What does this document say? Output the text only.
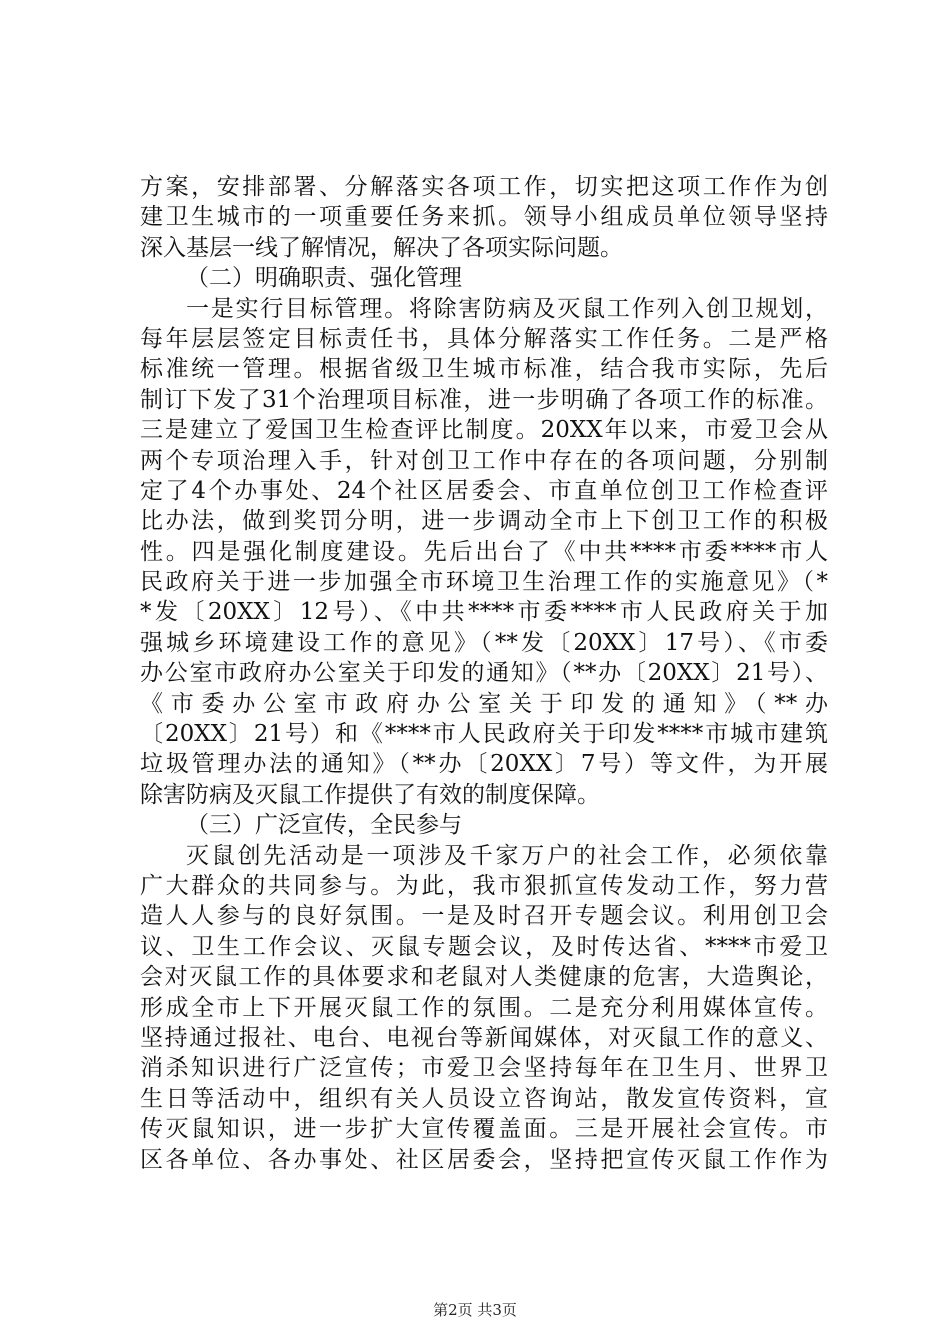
方案，安排部署、分解落实各项工作，切实把这项工作作为创
建卫生城市的一项重要任务来抓。领导小组成员单位领导坚持
深入基层一线了解情况，解决了各项实际问题。
（二）明确职责、强化管理
一是实行目标管理。将除害防病及灭鼠工作列入创卫规划，
每年层层签定目标责任书，具体分解落实工作任务。二是严格
标准统一管理。根据省级卫生城市标准，结合我市实际，先后
制订下发了31个治理项目标准，进一步明确了各项工作的标准。
三是建立了爱国卫生检查评比制度。20XX年以来，市爱卫会从
两个专项治理入手，针对创卫工作中存在的各项问题，分别制
定了4个办事处、24个社区居委会、市直单位创卫工作检查评
比办法，做到奖罚分明，进一步调动全市上下创卫工作的积极
性。四是强化制度建设。先后出台了《中共****市委****市人
民政府关于进一步加强全市环境卫生治理工作的实施意见》（*
*发〔20XX〕12号）、《中共****市委****市人民政府关于加
强城乡环境建设工作的意见》（**发〔20XX〕17号）、《市委
办公室市政府办公室关于印发的通知》（**办〔20XX〕21号）、
《市委办公室市政府办公室关于印发的通知》（**办
〔20XX〕21号）和《****市人民政府关于印发****市城市建筑
垃圾管理办法的通知》（**办〔20XX〕7号）等文件，为开展
除害防病及灭鼠工作提供了有效的制度保障。
（三）广泛宣传，全民参与
灭鼠创先活动是一项涉及千家万户的社会工作，必须依靠
广大群众的共同参与。为此，我市狠抓宣传发动工作，努力营
造人人参与的良好氛围。一是及时召开专题会议。利用创卫会
议、卫生工作会议、灭鼠专题会议，及时传达省、****市爱卫
会对灭鼠工作的具体要求和老鼠对人类健康的危害，大造舆论，
形成全市上下开展灭鼠工作的氛围。二是充分利用媒体宣传。
坚持通过报社、电台、电视台等新闻媒体，对灭鼠工作的意义、
消杀知识进行广泛宣传；市爱卫会坚持每年在卫生月、世界卫
生日等活动中，组织有关人员设立咨询站，散发宣传资料，宣
传灭鼠知识，进一步扩大宣传覆盖面。三是开展社会宣传。市
区各单位、各办事处、社区居委会，坚持把宣传灭鼠工作作为
第2页 共3页
